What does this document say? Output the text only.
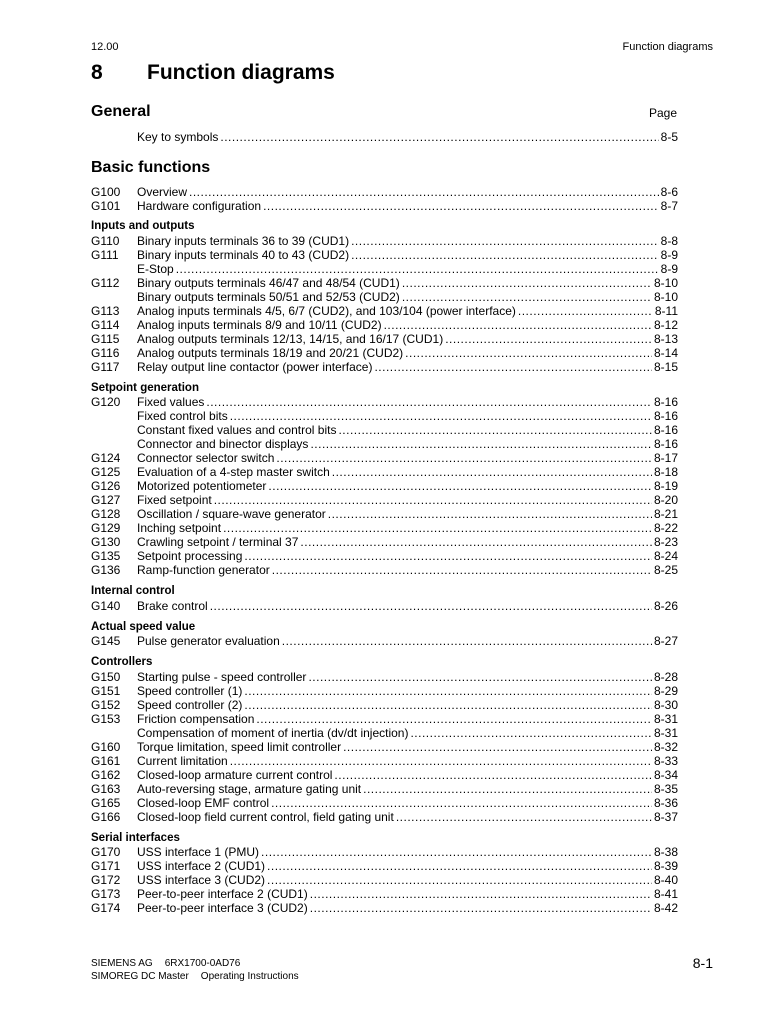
12.00	Function diagrams
8 Function diagrams
General	Page
Basic functions
Key to symbols .....	8-5
G100 Overview .....	8-6
G101 Hardware configuration .....	8-7
Inputs and outputs
G110 Binary inputs terminals 36 to 39 (CUD1) .....	8-8
G111 Binary inputs terminals 40 to 43 (CUD2) .....	8-9
E-Stop .....	8-9
G112 Binary outputs terminals 46/47 and 48/54 (CUD1) .....	8-10
Binary outputs terminals 50/51 and 52/53 (CUD2) .....	8-10
G113 Analog inputs terminals 4/5, 6/7 (CUD2), and 103/104 (power interface) .....	8-11
G114 Analog inputs terminals 8/9 and 10/11 (CUD2) .....	8-12
G115 Analog outputs terminals 12/13, 14/15, and 16/17 (CUD1) .....	8-13
G116 Analog outputs terminals 18/19 and 20/21 (CUD2) .....	8-14
G117 Relay output line contactor (power interface) .....	8-15
Setpoint generation
G120 Fixed values .....	8-16
Fixed control bits .....	8-16
Constant fixed values and control bits .....	8-16
Connector and binector displays .....	8-16
G124 Connector selector switch .....	8-17
G125 Evaluation of a 4-step master switch .....	8-18
G126 Motorized potentiometer .....	8-19
G127 Fixed setpoint .....	8-20
G128 Oscillation / square-wave generator .....	8-21
G129 Inching setpoint .....	8-22
G130 Crawling setpoint / terminal 37 .....	8-23
G135 Setpoint processing .....	8-24
G136 Ramp-function generator .....	8-25
Internal control
G140 Brake control .....	8-26
Actual speed value
G145 Pulse generator evaluation .....	8-27
Controllers
G150 Starting pulse - speed controller .....	8-28
G151 Speed controller (1) .....	8-29
G152 Speed controller (2) .....	8-30
G153 Friction compensation .....	8-31
Compensation of moment of inertia (dv/dt injection) .....	8-31
G160 Torque limitation, speed limit controller .....	8-32
G161 Current limitation .....	8-33
G162 Closed-loop armature current control .....	8-34
G163 Auto-reversing stage, armature gating unit .....	8-35
G165 Closed-loop EMF control .....	8-36
G166 Closed-loop field current control, field gating unit .....	8-37
Serial interfaces
G170 USS interface 1 (PMU) .....	8-38
G171 USS interface 2 (CUD1) .....	8-39
G172 USS interface 3 (CUD2) .....	8-40
G173 Peer-to-peer interface 2 (CUD1) .....	8-41
G174 Peer-to-peer interface 3 (CUD2) .....	8-42
SIEMENS AG 6RX1700-0AD76
SIMOREG DC Master Operating Instructions
8-1
